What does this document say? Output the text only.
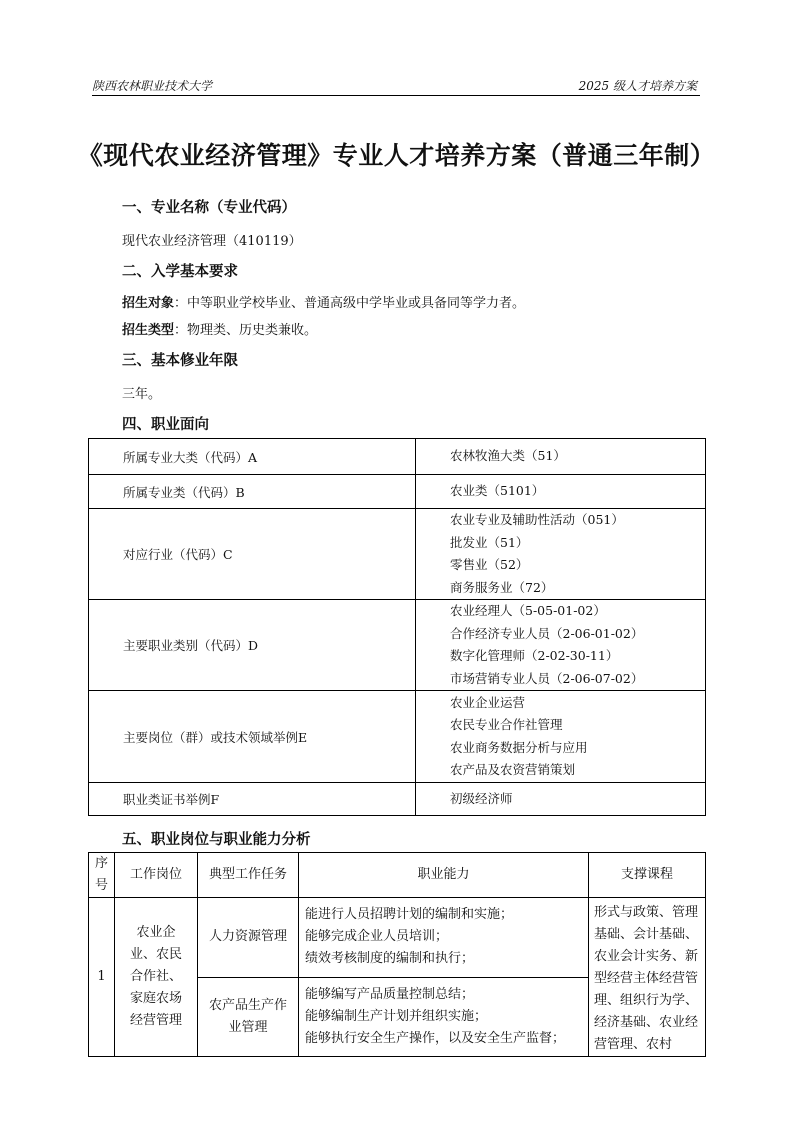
陕西农林职业技术大学	2025 级人才培养方案
《现代农业经济管理》专业人才培养方案（普通三年制）
一、专业名称（专业代码）
现代农业经济管理（410119）
二、入学基本要求
招生对象：中等职业学校毕业、普通高级中学毕业或具备同等学力者。
招生类型：物理类、历史类兼收。
三、基本修业年限
三年。
四、职业面向
所属专业大类（代码）A	农林牧渔大类（51）
所属专业类（代码）B	农业类（5101）
对应行业（代码）C	农业专业及辅助性活动（051）
批发业（51）
零售业（52）
商务服务业（72）

主要职业类别（代码）D	农业经理人（5-05-01-02）
合作经济专业人员（2-06-01-02）
数字化管理师（2-02-30-11）
市场营销专业人员（2-06-07-02）

主要岗位（群）或技术领域举例E	农业企业运营
农民专业合作社管理
农业商务数据分析与应用
农产品及农资营销策划

职业类证书举例F	初级经济师
五、职业岗位与职业能力分析
序号	工作岗位	典型工作任务	职业能力	支撑课程
1	农业企业、农民合作社、家庭农场经营管理	人力资源管理	能进行人员招聘计划的编制和实施；
能够完成企业人员培训；
绩效考核制度的编制和执行；	形式与政策、管理基础、会计基础、农业会计实务、新型经营主体经营管理、组织行为学、经济基础、农业经营管理、农村
		农产品生产作业管理	能够编写产品质量控制总结；
能够编制生产计划并组织实施；
能够执行安全生产操作，以及安全生产监督；	
